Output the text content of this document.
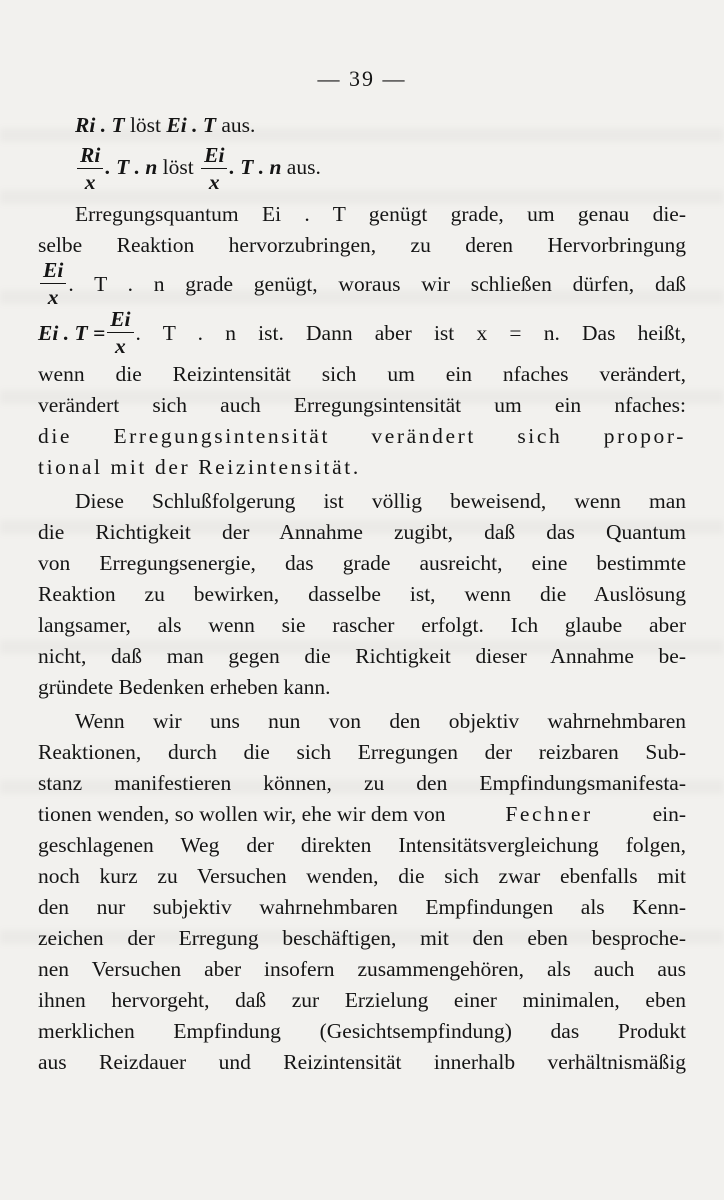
— 39 —
Ri . T löst Ei . T aus.
$\frac{Ri}{x}$ . T . n löst $\frac{Ei}{x}$ . T . n aus.
Erregungsquantum Ei . T genügt grade, um genau die-
selbe Reaktion hervorzubringen, zu deren Hervorbringung
$\frac{Ei}{x}$ . T . n grade genügt, woraus wir schließen dürfen, daß
Ei . $T = \frac{Ei}{x}$ . T . n ist. Dann aber ist x = n. Das heißt,
wenn die Reizintensität sich um ein nfaches verändert,
verändert sich auch Erregungsintensität um ein nfaches:
die Erregungsintensität verändert sich propor-
tional mit der Reizintensität.
Diese Schlußfolgerung ist völlig beweisend, wenn man
die Richtigkeit der Annahme zugibt, daß das Quantum
von Erregungsenergie, das grade ausreicht, eine bestimmte
Reaktion zu bewirken, dasselbe ist, wenn die Auslösung
langsamer, als wenn sie rascher erfolgt. Ich glaube aber
nicht, daß man gegen die Richtigkeit dieser Annahme be-
gründete Bedenken erheben kann.
Wenn wir uns nun von den objektiv wahrnehmbaren
Reaktionen, durch die sich Erregungen der reizbaren Sub-
stanz manifestieren können, zu den Empfindungsmanifesta-
tionen wenden, so wollen wir, ehe wir dem von	Fechner	ein-
geschlagenen Weg der direkten Intensitätsvergleichung folgen,
noch kurz zu Versuchen wenden, die sich zwar ebenfalls mit
den nur subjektiv wahrnehmbaren Empfindungen als Kenn-
zeichen der Erregung beschäftigen, mit den eben besproche-
nen Versuchen aber insofern zusammengehören, als auch aus
ihnen hervorgeht, daß zur Erzielung einer minimalen, eben
merklichen Empfindung (Gesichtsempfindung) das Produkt
aus Reizdauer und Reizintensität innerhalb verhältnismäßig
